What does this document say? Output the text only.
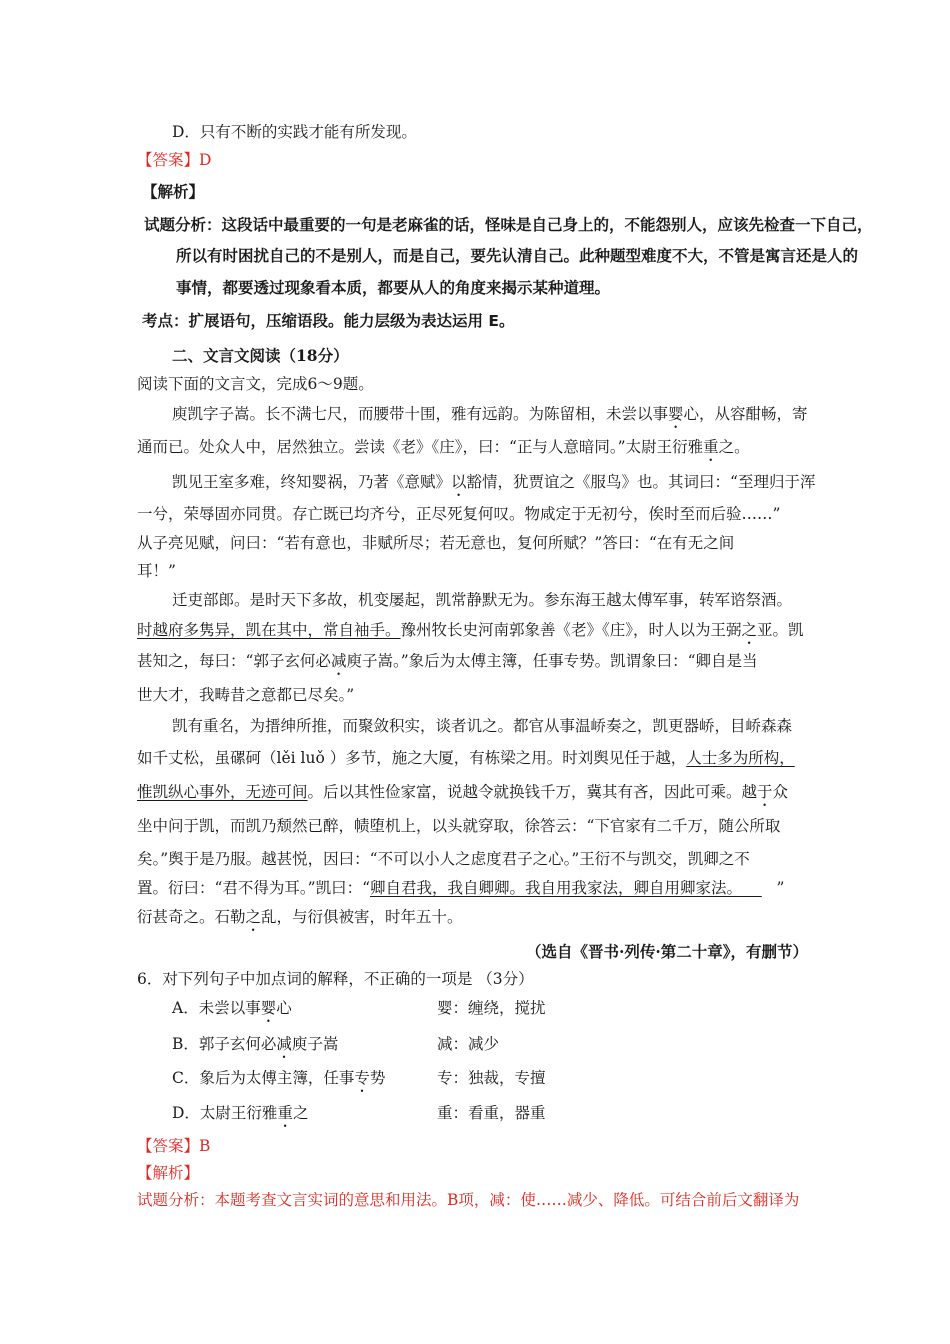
D．只有不断的实践才能有所发现。
【答案】D
【解析】
试题分析：这段话中最重要的一句是老麻雀的话，怪味是自己身上的，不能怨别人，应该先检查一下自己，
所以有时困扰自己的不是别人，而是自己，要先认清自己。此种题型难度不大，不管是寓言还是人的
事情，都要透过现象看本质，都要从人的角度来揭示某种道理。
考点：扩展语句，压缩语段。能力层级为表达运用 E。
二、文言文阅读（18分）
阅读下面的文言文，完成6～9题。
庾凯字子嵩。长不满七尺，而腰带十围，雅有远韵。为陈留相，未尝以事婴心，从容酣畅，寄
通而已。处众人中，居然独立。尝读《老》《庄》，曰：“正与人意暗同。”太尉王衍雅重之。
凯见王室多难，终知婴祸，乃著《意赋》以豁情，犹贾谊之《服鸟》也。其词曰：“至理归于浑
一兮，荣辱固亦同贯。存亡既已均齐兮，正尽死复何叹。物咸定于无初兮，俟时至而后验……”
从子亮见赋，问曰：“若有意也，非赋所尽；若无意也，复何所赋？”答曰：“在有无之间
耳！”
迁吏部郎。是时天下多故，机变屡起，凯常静默无为。参东海王越太傅军事，转军谘祭酒。
时越府多隽异，凯在其中，常自袖手。豫州牧长史河南郭象善《老》《庄》，时人以为王弼之亚。凯
甚知之，每曰：“郭子玄何必减庾子嵩。”象后为太傅主簿，任事专势。凯谓象曰：“卿自是当
世大才，我畴昔之意都已尽矣。”
凯有重名，为搢绅所推，而聚敛积实，谈者讥之。都官从事温峤奏之，凯更器峤，目峤森森
如千丈松，虽磥砢（lěi luǒ ）多节，施之大厦，有栋梁之用。时刘舆见任于越，人士多为所构，
惟凯纵心事外，无迹可间。后以其性俭家富，说越令就换钱千万，冀其有吝，因此可乘。越于众
坐中问于凯，而凯乃颓然已醉，帻堕机上，以头就穿取，徐答云：“下官家有二千万，随公所取
矣。”舆于是乃服。越甚悦，因曰：“不可以小人之虑度君子之心。”王衍不与凯交，凯卿之不
置。衍曰：“君不得为耳。”凯曰：“卿自君我，我自卿卿。我自用我家法，卿自用卿家法。 ”
衍甚奇之。石勒之乱，与衍俱被害，时年五十。
（选自《晋书·列传·第二十章》，有删节）
6．对下列句子中加点词的解释，不正确的一项是 （3分）
A．未尝以事婴心	婴：缠绕，搅扰
B．郭子玄何必减庾子嵩	减：减少
C．象后为太傅主簿，任事专势	专：独裁，专擅
D．太尉王衍雅重之	重：看重，器重
【答案】B
【解析】
试题分析：本题考查文言实词的意思和用法。B项，减：使……减少、降低。可结合前后文翻译为
